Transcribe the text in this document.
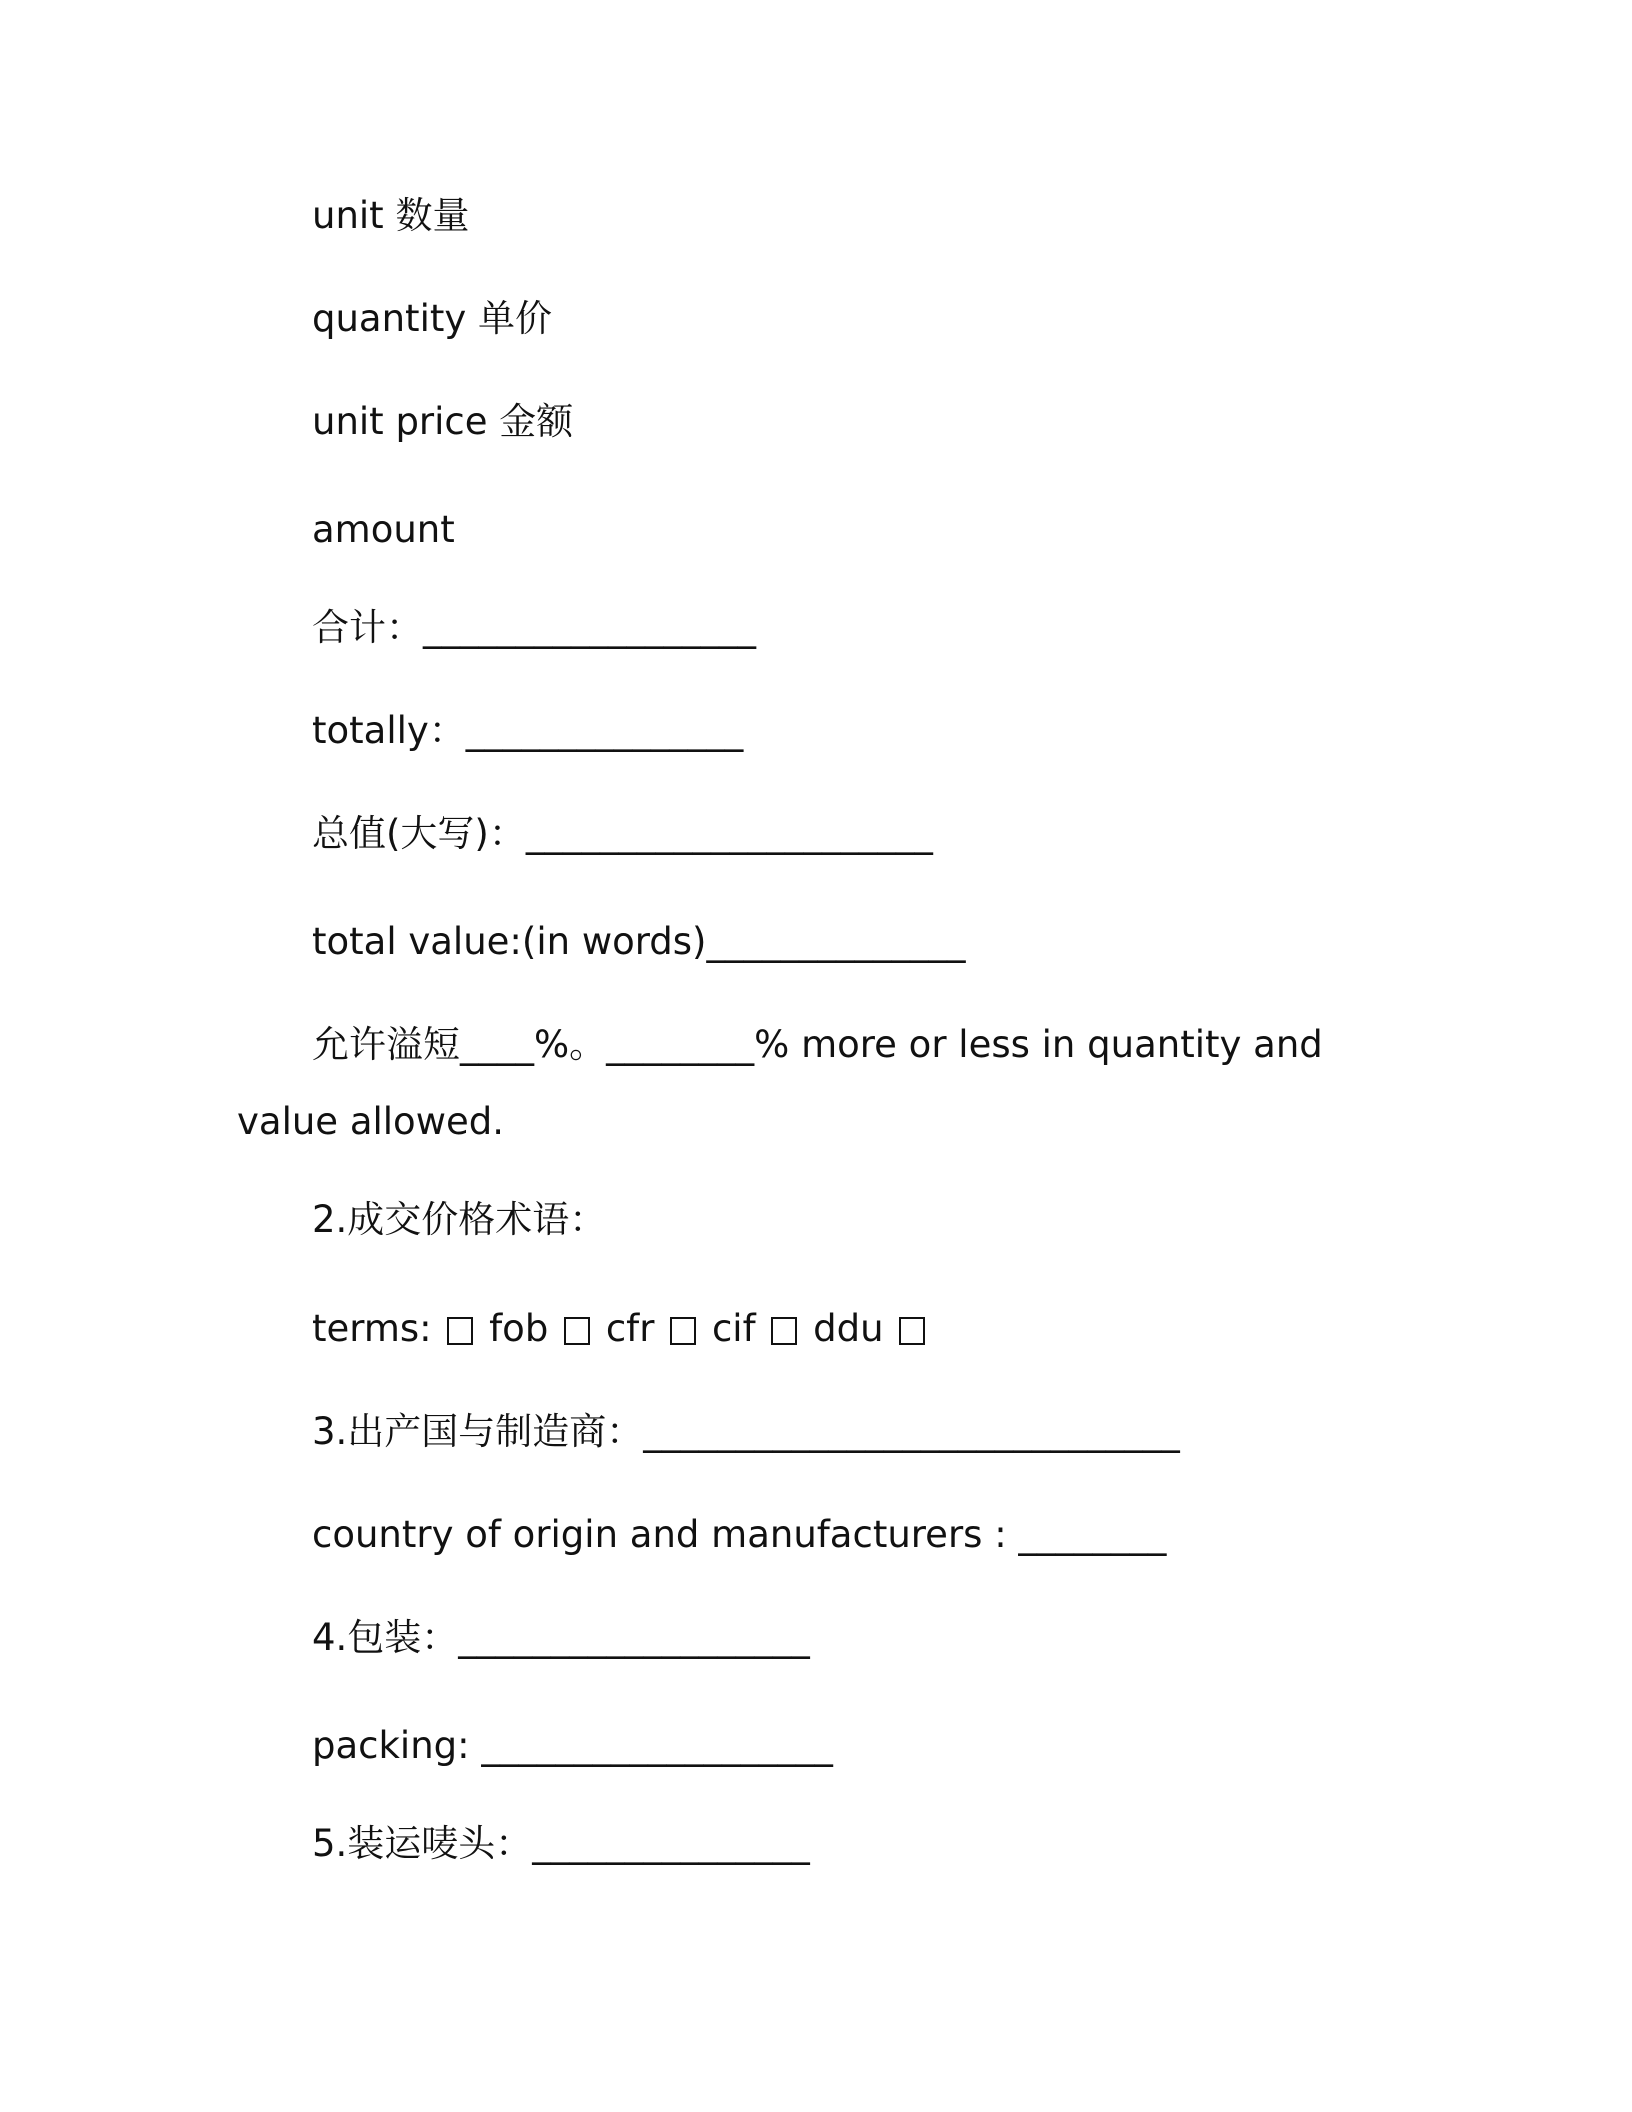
unit 数量
quantity 单价
unit price 金额
amount
合计：__________________
totally：_______________
总值(大写)：______________________
total value:(in words)______________
允许溢短____%。________% more or less in quantity and
value allowed.
2.成交价格术语：
terms: fob cfr cif ddu
3.出产国与制造商：_____________________________
country of origin and manufacturers : ________
4.包装：___________________
packing: ___________________
5.装运唛头：_______________
